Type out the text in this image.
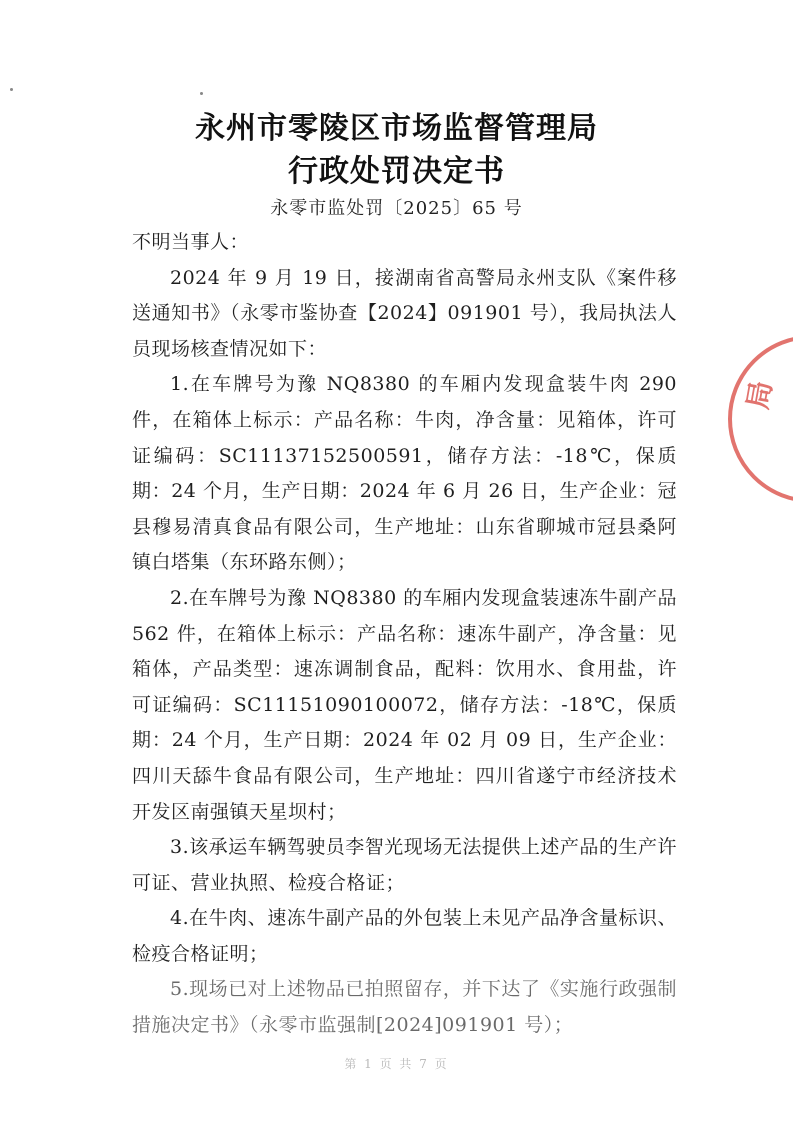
永州市零陵区市场监督管理局
行政处罚决定书
永零市监处罚〔2025〕65 号

不明当事人：

2024 年 9 月 19 日，接湖南省高警局永州支队《案件移送通知书》（永零市鉴协查【2024】091901 号），我局执法人员现场核查情况如下：

1.在车牌号为豫 NQ8380 的车厢内发现盒装牛肉 290 件，在箱体上标示：产品名称：牛肉，净含量：见箱体，许可证编码：SC11137152500591，储存方法：-18℃，保质期：24 个月，生产日期：2024 年 6 月 26 日，生产企业：冠县穆易清真食品有限公司，生产地址：山东省聊城市冠县桑阿镇白塔集（东环路东侧）；

2.在车牌号为豫 NQ8380 的车厢内发现盒装速冻牛副产品 562 件，在箱体上标示：产品名称：速冻牛副产，净含量：见箱体，产品类型：速冻调制食品，配料：饮用水、食用盐，许可证编码：SC11151090100072，储存方法：-18℃，保质期：24 个月，生产日期：2024 年 02 月 09 日，生产企业：四川天舔牛食品有限公司，生产地址：四川省遂宁市经济技术开发区南强镇天星坝村；

3.该承运车辆驾驶员李智光现场无法提供上述产品的生产许可证、营业执照、检疫合格证；

4.在牛肉、速冻牛副产品的外包装上未见产品净含量标识、检疫合格证明；

5.现场已对上述物品已拍照留存，并下达了《实施行政强制措施决定书》（永零市监强制[2024]091901 号）；

第 1 页 共 7 页
局
